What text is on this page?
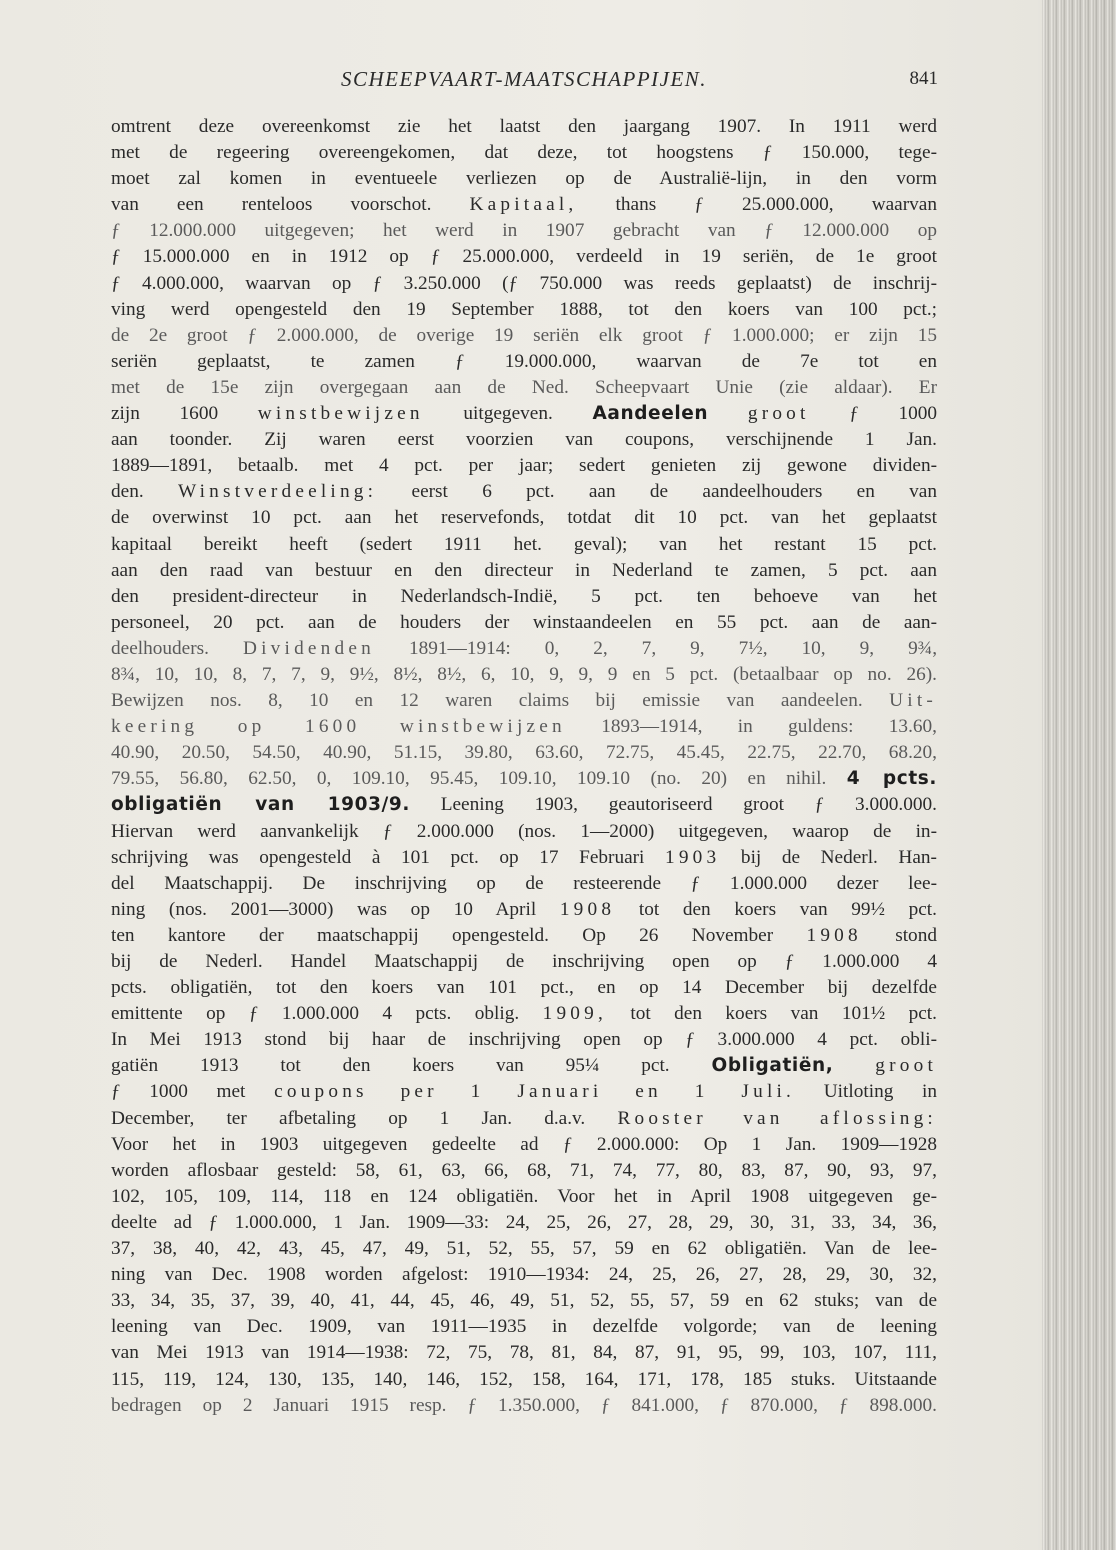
SCHEEPVAART-MAATSCHAPPIJEN.	841
omtrent deze overeenkomst zie het laatst den jaargang 1907. In 1911 werd
met de regeering overeengekomen, dat deze, tot hoogstens ƒ 150.000, tege-
moet zal komen in eventueele verliezen op de Australië-lijn, in den vorm
van een renteloos voorschot. Kapitaal, thans ƒ 25.000.000, waarvan
ƒ 12.000.000 uitgegeven; het werd in 1907 gebracht van ƒ 12.000.000 op
ƒ 15.000.000 en in 1912 op ƒ 25.000.000, verdeeld in 19 seriën, de 1e groot
ƒ 4.000.000, waarvan op ƒ 3.250.000 (ƒ 750.000 was reeds geplaatst) de inschrij-
ving werd opengesteld den 19 September 1888, tot den koers van 100 pct.;
de 2e groot ƒ 2.000.000, de overige 19 seriën elk groot ƒ 1.000.000; er zijn 15
seriën geplaatst, te zamen ƒ 19.000.000, waarvan de 7e tot en
met de 15e zijn overgegaan aan de Ned. Scheepvaart Unie (zie aldaar). Er
zijn 1600 winstbewijzen uitgegeven. Aandeelen groot ƒ 1000
aan toonder. Zij waren eerst voorzien van coupons, verschijnende 1 Jan.
1889—1891, betaalb. met 4 pct. per jaar; sedert genieten zij gewone dividen-
den. Winstverdeeling: eerst 6 pct. aan de aandeelhouders en van
de overwinst 10 pct. aan het reservefonds, totdat dit 10 pct. van het geplaatst
kapitaal bereikt heeft (sedert 1911 het. geval); van het restant 15 pct.
aan den raad van bestuur en den directeur in Nederland te zamen, 5 pct. aan
den president-directeur in Nederlandsch-Indië, 5 pct. ten behoeve van het
personeel, 20 pct. aan de houders der winstaandeelen en 55 pct. aan de aan-
deelhouders. Dividenden 1891—1914: 0, 2, 7, 9, 7½, 10, 9, 9¾,
8¾, 10, 10, 8, 7, 7, 9, 9½, 8½, 8½, 6, 10, 9, 9, 9 en 5 pct. (betaalbaar op no. 26).
Bewijzen nos. 8, 10 en 12 waren claims bij emissie van aandeelen. Uit-
keering op 1600 winstbewijzen 1893—1914, in guldens: 13.60,
40.90, 20.50, 54.50, 40.90, 51.15, 39.80, 63.60, 72.75, 45.45, 22.75, 22.70, 68.20,
79.55, 56.80, 62.50, 0, 109.10, 95.45, 109.10, 109.10 (no. 20) en nihil. 4 pcts.
obligatiën van 1903/9. Leening 1903, geautoriseerd groot ƒ 3.000.000.
Hiervan werd aanvankelijk ƒ 2.000.000 (nos. 1—2000) uitgegeven, waarop de in-
schrijving was opengesteld à 101 pct. op 17 Februari 1903 bij de Nederl. Han-
del Maatschappij. De inschrijving op de resteerende ƒ 1.000.000 dezer lee-
ning (nos. 2001—3000) was op 10 April 1908 tot den koers van 99½ pct.
ten kantore der maatschappij opengesteld. Op 26 November 1908 stond
bij de Nederl. Handel Maatschappij de inschrijving open op ƒ 1.000.000 4
pcts. obligatiën, tot den koers van 101 pct., en op 14 December bij dezelfde
emittente op ƒ 1.000.000 4 pcts. oblig. 1909, tot den koers van 101½ pct.
In Mei 1913 stond bij haar de inschrijving open op ƒ 3.000.000 4 pct. obli-
gatiën 1913 tot den koers van 95¼ pct. Obligatiën, groot
ƒ 1000 met coupons per 1 Januari en 1 Juli. Uitloting in
December, ter afbetaling op 1 Jan. d.a.v. Rooster van aflossing:
Voor het in 1903 uitgegeven gedeelte ad ƒ 2.000.000: Op 1 Jan. 1909—1928
worden aflosbaar gesteld: 58, 61, 63, 66, 68, 71, 74, 77, 80, 83, 87, 90, 93, 97,
102, 105, 109, 114, 118 en 124 obligatiën. Voor het in April 1908 uitgegeven ge-
deelte ad ƒ 1.000.000, 1 Jan. 1909—33: 24, 25, 26, 27, 28, 29, 30, 31, 33, 34, 36,
37, 38, 40, 42, 43, 45, 47, 49, 51, 52, 55, 57, 59 en 62 obligatiën. Van de lee-
ning van Dec. 1908 worden afgelost: 1910—1934: 24, 25, 26, 27, 28, 29, 30, 32,
33, 34, 35, 37, 39, 40, 41, 44, 45, 46, 49, 51, 52, 55, 57, 59 en 62 stuks; van de
leening van Dec. 1909, van 1911—1935 in dezelfde volgorde; van de leening
van Mei 1913 van 1914—1938: 72, 75, 78, 81, 84, 87, 91, 95, 99, 103, 107, 111,
115, 119, 124, 130, 135, 140, 146, 152, 158, 164, 171, 178, 185 stuks. Uitstaande
bedragen op 2 Januari 1915 resp. ƒ 1.350.000, ƒ 841.000, ƒ 870.000, ƒ 898.000.
